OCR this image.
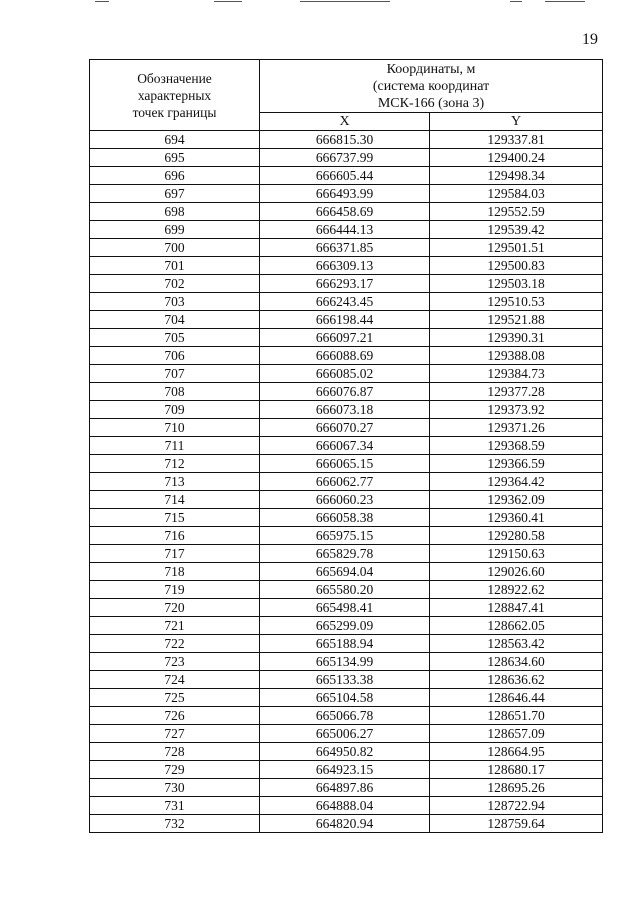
19
Обозначение
характерных
точек границы	Координаты, м
(система координат
МСК-166 (зона 3)	

	X	Y
694	666815.30	129337.81
695	666737.99	129400.24
696	666605.44	129498.34
697	666493.99	129584.03
698	666458.69	129552.59
699	666444.13	129539.42
700	666371.85	129501.51
701	666309.13	129500.83
702	666293.17	129503.18
703	666243.45	129510.53
704	666198.44	129521.88
705	666097.21	129390.31
706	666088.69	129388.08
707	666085.02	129384.73
708	666076.87	129377.28
709	666073.18	129373.92
710	666070.27	129371.26
711	666067.34	129368.59
712	666065.15	129366.59
713	666062.77	129364.42
714	666060.23	129362.09
715	666058.38	129360.41
716	665975.15	129280.58
717	665829.78	129150.63
718	665694.04	129026.60
719	665580.20	128922.62
720	665498.41	128847.41
721	665299.09	128662.05
722	665188.94	128563.42
723	665134.99	128634.60
724	665133.38	128636.62
725	665104.58	128646.44
726	665066.78	128651.70
727	665006.27	128657.09
728	664950.82	128664.95
729	664923.15	128680.17
730	664897.86	128695.26
731	664888.04	128722.94
732	664820.94	128759.64
